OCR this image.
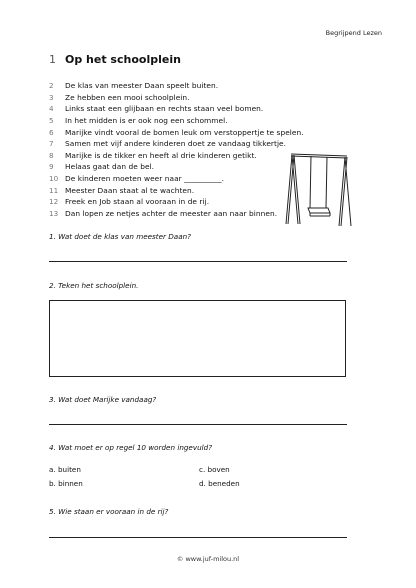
Begrijpend Lezen
1 Op het schoolplein
2	De klas van meester Daan speelt buiten.
3	Ze hebben een mooi schoolplein.
4	Links staat een glijbaan en rechts staan veel bomen.
5	In het midden is er ook nog een schommel.
6	Marijke vindt vooral de bomen leuk om verstoppertje te spelen.
7	Samen met vijf andere kinderen doet ze vandaag tikkertje.
8	Marijke is de tikker en heeft al drie kinderen getikt.
9	Helaas gaat dan de bel.
10 De kinderen moeten weer naar __________.
11 Meester Daan staat al te wachten.
12 Freek en Job staan al vooraan in de rij.
13 Dan lopen ze netjes achter de meester aan naar binnen.
1. Wat doet de klas van meester Daan?
2. Teken het schoolplein.
3. Wat doet Marijke vandaag?
4. Wat moet er op regel 10 worden ingevuld?
a. buiten
b. binnen
c. boven
d. beneden
5. Wie staan er vooraan in de rij?
© www.juf-milou.nl
